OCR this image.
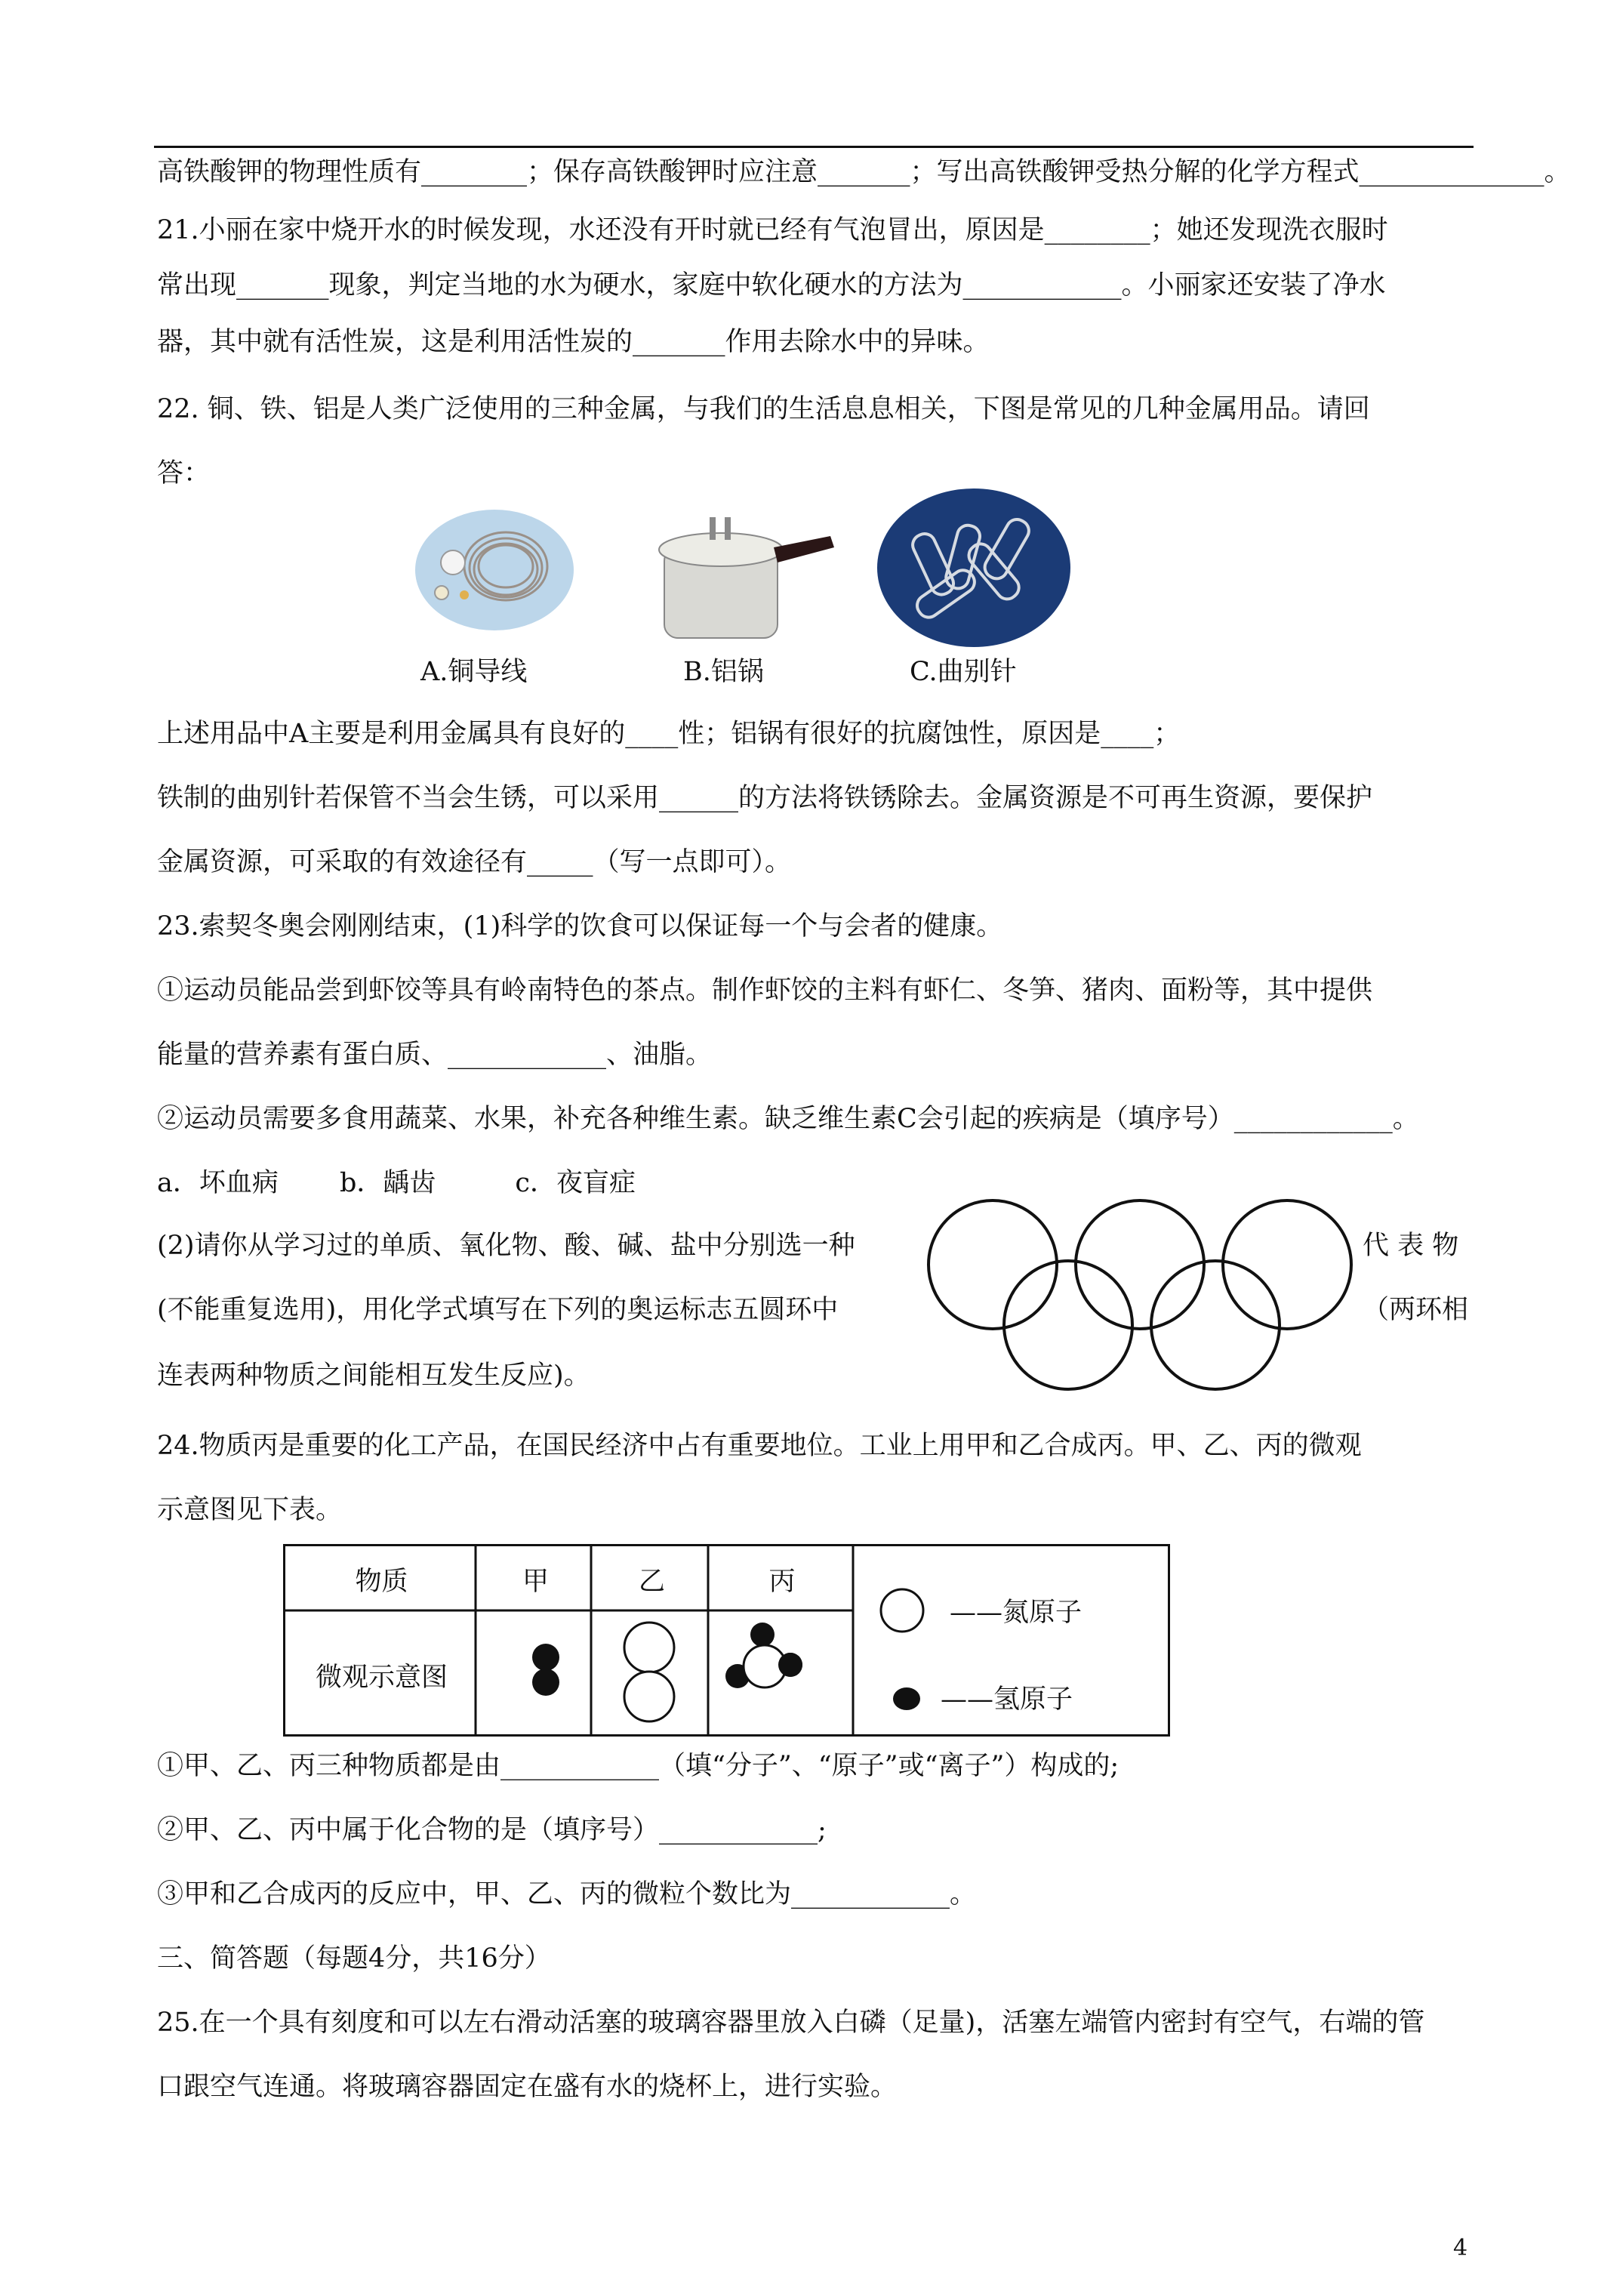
高铁酸钾的物理性质有________；保存高铁酸钾时应注意_______；写出高铁酸钾受热分解的化学方程式______________。
21.小丽在家中烧开水的时候发现，水还没有开时就已经有气泡冒出，原因是________；她还发现洗衣服时
常出现_______现象，判定当地的水为硬水，家庭中软化硬水的方法为____________。小丽家还安装了净水
器，其中就有活性炭，这是利用活性炭的_______作用去除水中的异味。
22. 铜、铁、铝是人类广泛使用的三种金属，与我们的生活息息相关，下图是常见的几种金属用品。请回
答：
A.铜导线	B.铝锅	C.曲别针
上述用品中A主要是利用金属具有良好的____性；铝锅有很好的抗腐蚀性，原因是____；
铁制的曲别针若保管不当会生锈，可以采用______的方法将铁锈除去。金属资源是不可再生资源，要保护
金属资源，可采取的有效途径有_____（写一点即可）。
23.索契冬奥会刚刚结束，(1)科学的饮食可以保证每一个与会者的健康。
①运动员能品尝到虾饺等具有岭南特色的茶点。制作虾饺的主料有虾仁、冬笋、猪肉、面粉等，其中提供
能量的营养素有蛋白质、____________、油脂。
②运动员需要多食用蔬菜、水果，补充各种维生素。缺乏维生素C会引起的疾病是（填序号）____________。
a．坏血病　　 b．龋齿　　　c．夜盲症
(2)请你从学习过的单质、氧化物、酸、碱、盐中分别选一种	代 表 物
(不能重复选用)，用化学式填写在下列的奥运标志五圆环中	（两环相
连表两种物质之间能相互发生反应)。
24.物质丙是重要的化工产品，在国民经济中占有重要地位。工业上用甲和乙合成丙。甲、乙、丙的微观
示意图见下表。
物质	甲	乙	丙
微观示意图
——氮原子
——氢原子
①甲、乙、丙三种物质都是由____________（填“分子”、“原子”或“离子”）构成的;
②甲、乙、丙中属于化合物的是（填序号）____________;
③甲和乙合成丙的反应中，甲、乙、丙的微粒个数比为____________。
三、简答题（每题4分，共16分）
25.在一个具有刻度和可以左右滑动活塞的玻璃容器里放入白磷（足量)，活塞左端管内密封有空气，右端的管
口跟空气连通。将玻璃容器固定在盛有水的烧杯上，进行实验。
4
